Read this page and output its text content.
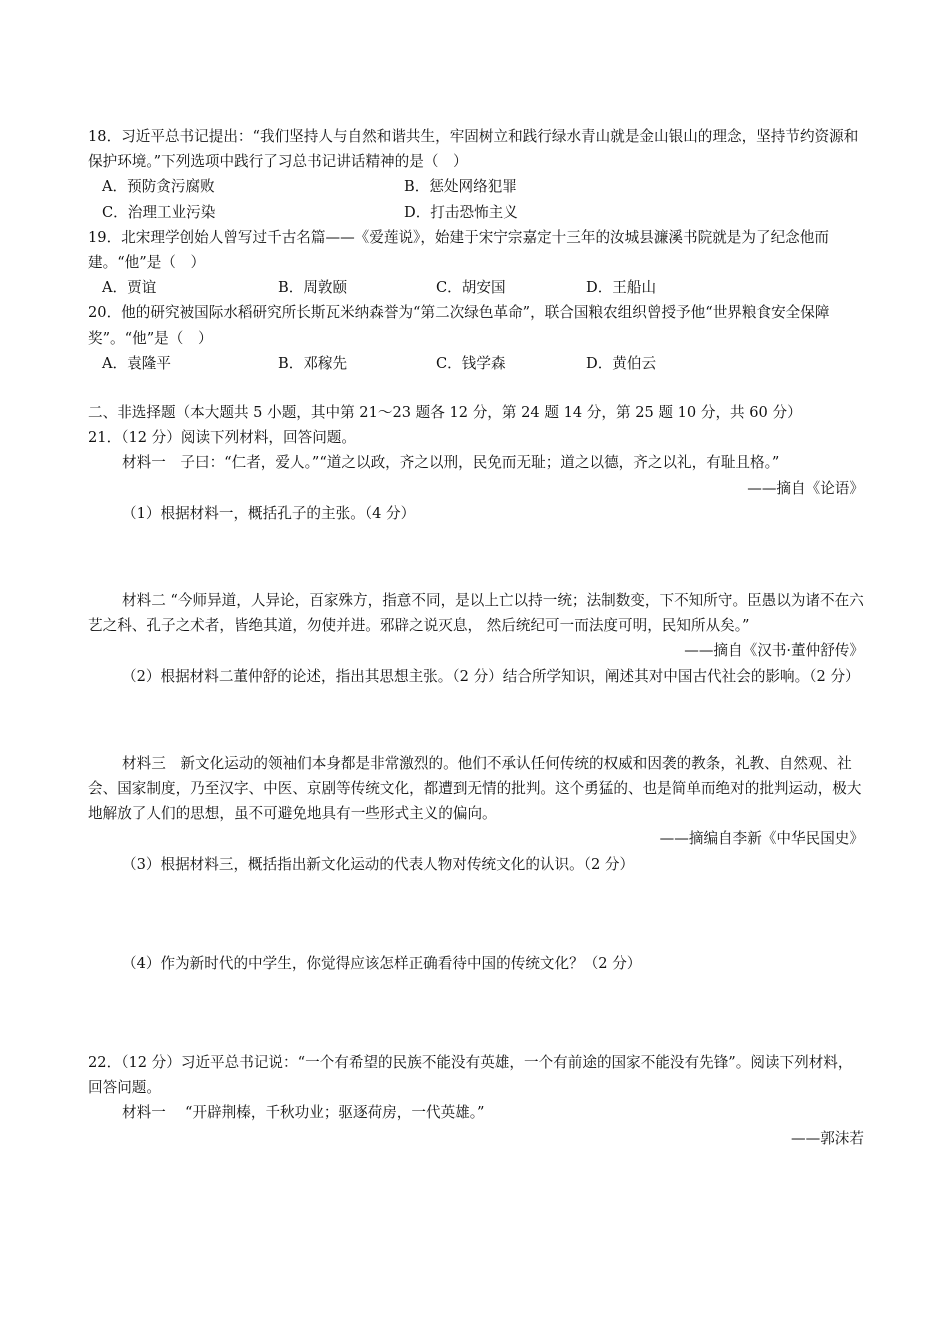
18．习近平总书记提出：“我们坚持人与自然和谐共生，牢固树立和践行绿水青山就是金山银山的理念，坚持节约资源和保护环境。”下列选项中践行了习总书记讲话精神的是（　）
A．预防贪污腐败	B．惩处网络犯罪
C．治理工业污染	D．打击恐怖主义
19．北宋理学创始人曾写过千古名篇——《爱莲说》，始建于宋宁宗嘉定十三年的汝城县濂溪书院就是为了纪念他而建。“他”是（　）
A．贾谊	B．周敦颐	C．胡安国	D．王船山
20．他的研究被国际水稻研究所长斯瓦米纳森誉为“第二次绿色革命”，联合国粮农组织曾授予他“世界粮食安全保障奖”。“他”是（　）
A．袁隆平	B．邓稼先	C．钱学森	D．黄伯云
二、非选择题（本大题共 5 小题，其中第 21～23 题各 12 分，第 24 题 14 分，第 25 题 10 分，共 60 分）
21．（12 分）阅读下列材料，回答问题。
材料一　子曰：“仁者，爱人。”“道之以政，齐之以刑，民免而无耻；道之以德，齐之以礼，有耻且格。”
——摘自《论语》
（1）根据材料一，概括孔子的主张。（4 分）
材料二 “今师异道，人异论，百家殊方，指意不同，是以上亡以持一统；法制数变，下不知所守。臣愚以为诸不在六艺之科、孔子之术者，皆绝其道，勿使并进。邪辟之说灭息， 然后统纪可一而法度可明，民知所从矣。”
——摘自《汉书·董仲舒传》
（2）根据材料二董仲舒的论述，指出其思想主张。（2 分）结合所学知识，阐述其对中国古代社会的影响。（2 分）
材料三　新文化运动的领袖们本身都是非常激烈的。他们不承认任何传统的权威和因袭的教条，礼教、自然观、社会、国家制度，乃至汉字、中医、京剧等传统文化，都遭到无情的批判。这个勇猛的、也是简单而绝对的批判运动，极大地解放了人们的思想，虽不可避免地具有一些形式主义的偏向。
——摘编自李新《中华民国史》
（3）根据材料三，概括指出新文化运动的代表人物对传统文化的认识。（2 分）
（4）作为新时代的中学生，你觉得应该怎样正确看待中国的传统文化？（2 分）
22．（12 分）习近平总书记说：“一个有希望的民族不能没有英雄，一个有前途的国家不能没有先锋”。阅读下列材料，回答问题。
材料一　 “开辟荆榛，千秋功业；驱逐荷房，一代英雄。”
——郭沫若
